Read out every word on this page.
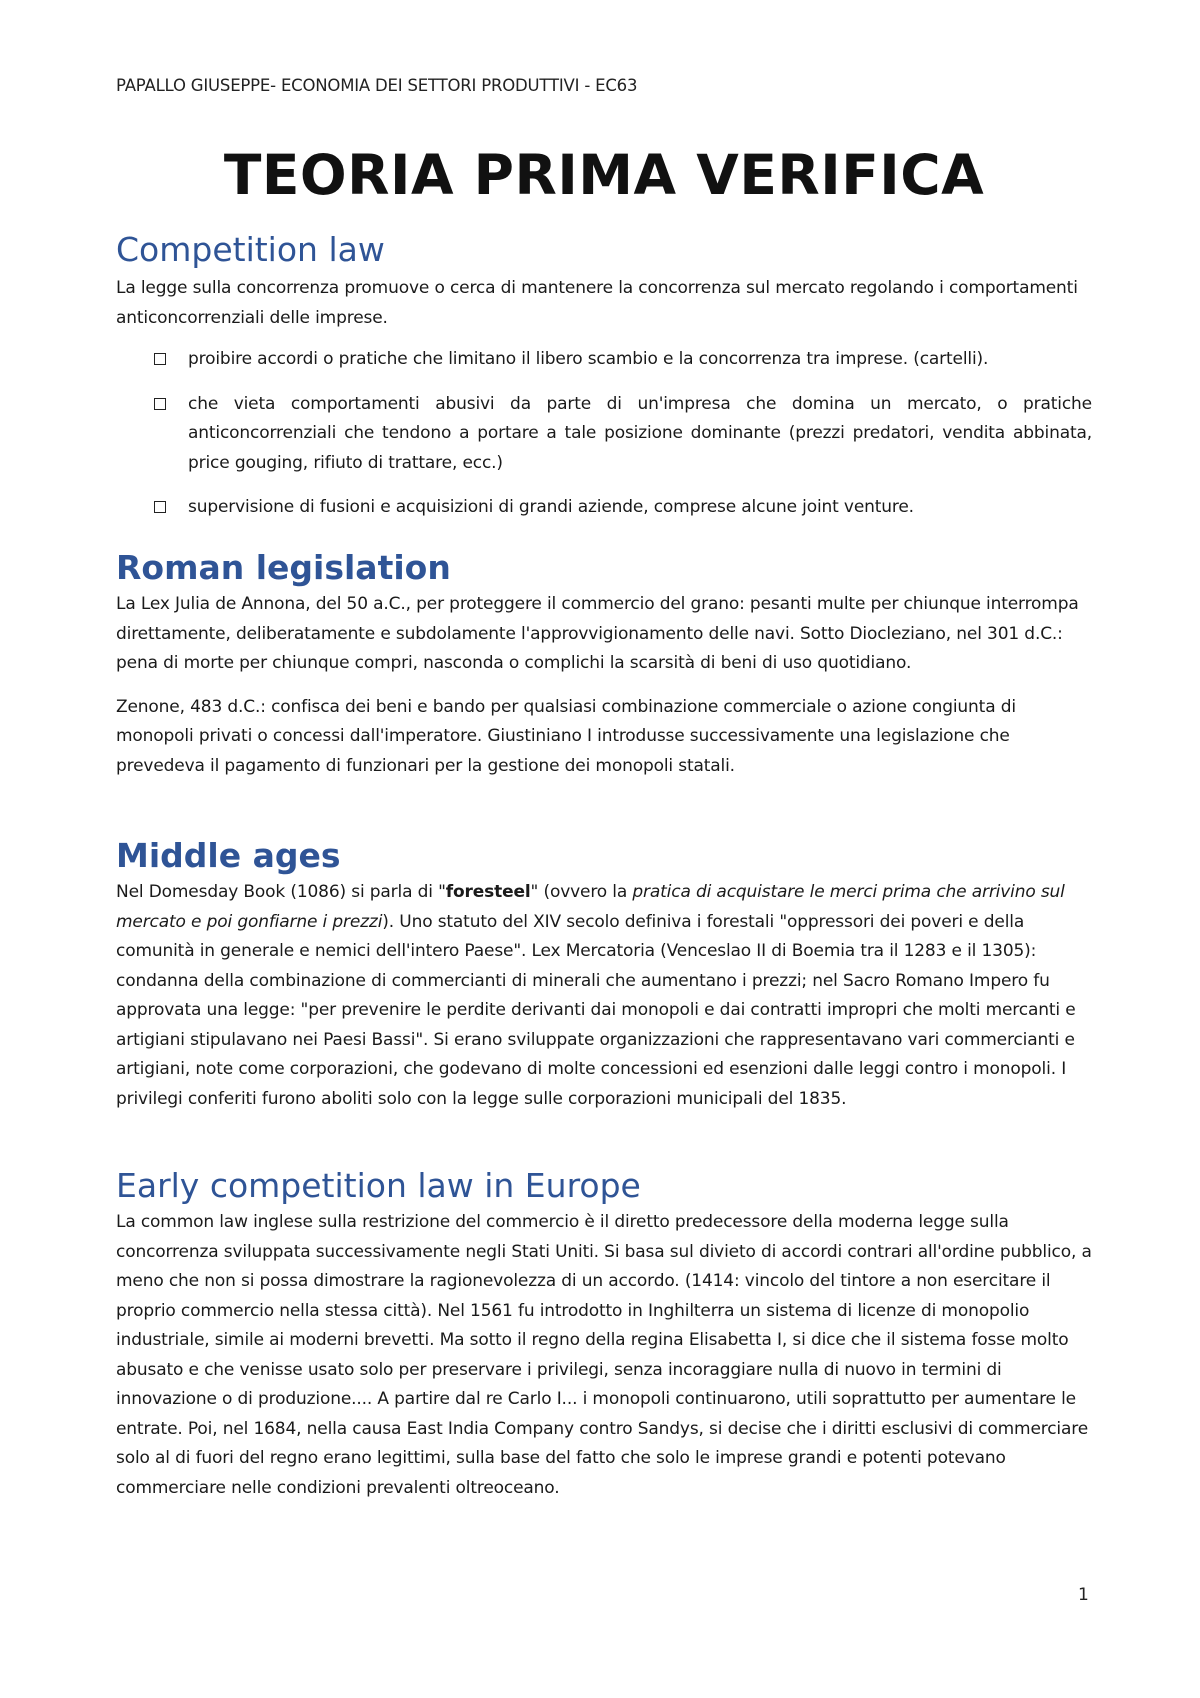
PAPALLO GIUSEPPE- ECONOMIA DEI SETTORI PRODUTTIVI - EC63
TEORIA PRIMA VERIFICA
Competition law

La legge sulla concorrenza promuove o cerca di mantenere la concorrenza sul mercato regolando i comportamenti anticoncorrenziali delle imprese.

proibire accordi o pratiche che limitano il libero scambio e la concorrenza tra imprese. (cartelli).
che vieta comportamenti abusivi da parte di un'impresa che domina un mercato, o pratiche anticoncorrenziali che tendono a portare a tale posizione dominante (prezzi predatori, vendita abbinata, price gouging, rifiuto di trattare, ecc.)
supervisione di fusioni e acquisizioni di grandi aziende, comprese alcune joint venture.
Roman legislation

La Lex Julia de Annona, del 50 a.C., per proteggere il commercio del grano: pesanti multe per chiunque interrompa direttamente, deliberatamente e subdolamente l'approvvigionamento delle navi. Sotto Diocleziano, nel 301 d.C.: pena di morte per chiunque compri, nasconda o complichi la scarsità di beni di uso quotidiano.

Zenone, 483 d.C.: confisca dei beni e bando per qualsiasi combinazione commerciale o azione congiunta di monopoli privati o concessi dall'imperatore. Giustiniano I introdusse successivamente una legislazione che prevedeva il pagamento di funzionari per la gestione dei monopoli statali.

Middle ages

Nel Domesday Book (1086) si parla di "foresteel" (ovvero la pratica di acquistare le merci prima che arrivino sul mercato e poi gonfiarne i prezzi). Uno statuto del XIV secolo definiva i forestali "oppressori dei poveri e della comunità in generale e nemici dell'intero Paese". Lex Mercatoria (Venceslao II di Boemia tra il 1283 e il 1305): condanna della combinazione di commercianti di minerali che aumentano i prezzi; nel Sacro Romano Impero fu approvata una legge: "per prevenire le perdite derivanti dai monopoli e dai contratti impropri che molti mercanti e artigiani stipulavano nei Paesi Bassi". Si erano sviluppate organizzazioni che rappresentavano vari commercianti e artigiani, note come corporazioni, che godevano di molte concessioni ed esenzioni dalle leggi contro i monopoli. I privilegi conferiti furono aboliti solo con la legge sulle corporazioni municipali del 1835.

Early competition law in Europe

La common law inglese sulla restrizione del commercio è il diretto predecessore della moderna legge sulla concorrenza sviluppata successivamente negli Stati Uniti. Si basa sul divieto di accordi contrari all'ordine pubblico, a meno che non si possa dimostrare la ragionevolezza di un accordo. (1414: vincolo del tintore a non esercitare il proprio commercio nella stessa città). Nel 1561 fu introdotto in Inghilterra un sistema di licenze di monopolio industriale, simile ai moderni brevetti. Ma sotto il regno della regina Elisabetta I, si dice che il sistema fosse molto abusato e che venisse usato solo per preservare i privilegi, senza incoraggiare nulla di nuovo in termini di innovazione o di produzione.... A partire dal re Carlo I... i monopoli continuarono, utili soprattutto per aumentare le entrate. Poi, nel 1684, nella causa East India Company contro Sandys, si decise che i diritti esclusivi di commerciare solo al di fuori del regno erano legittimi, sulla base del fatto che solo le imprese grandi e potenti potevano commerciare nelle condizioni prevalenti oltreoceano.

1
